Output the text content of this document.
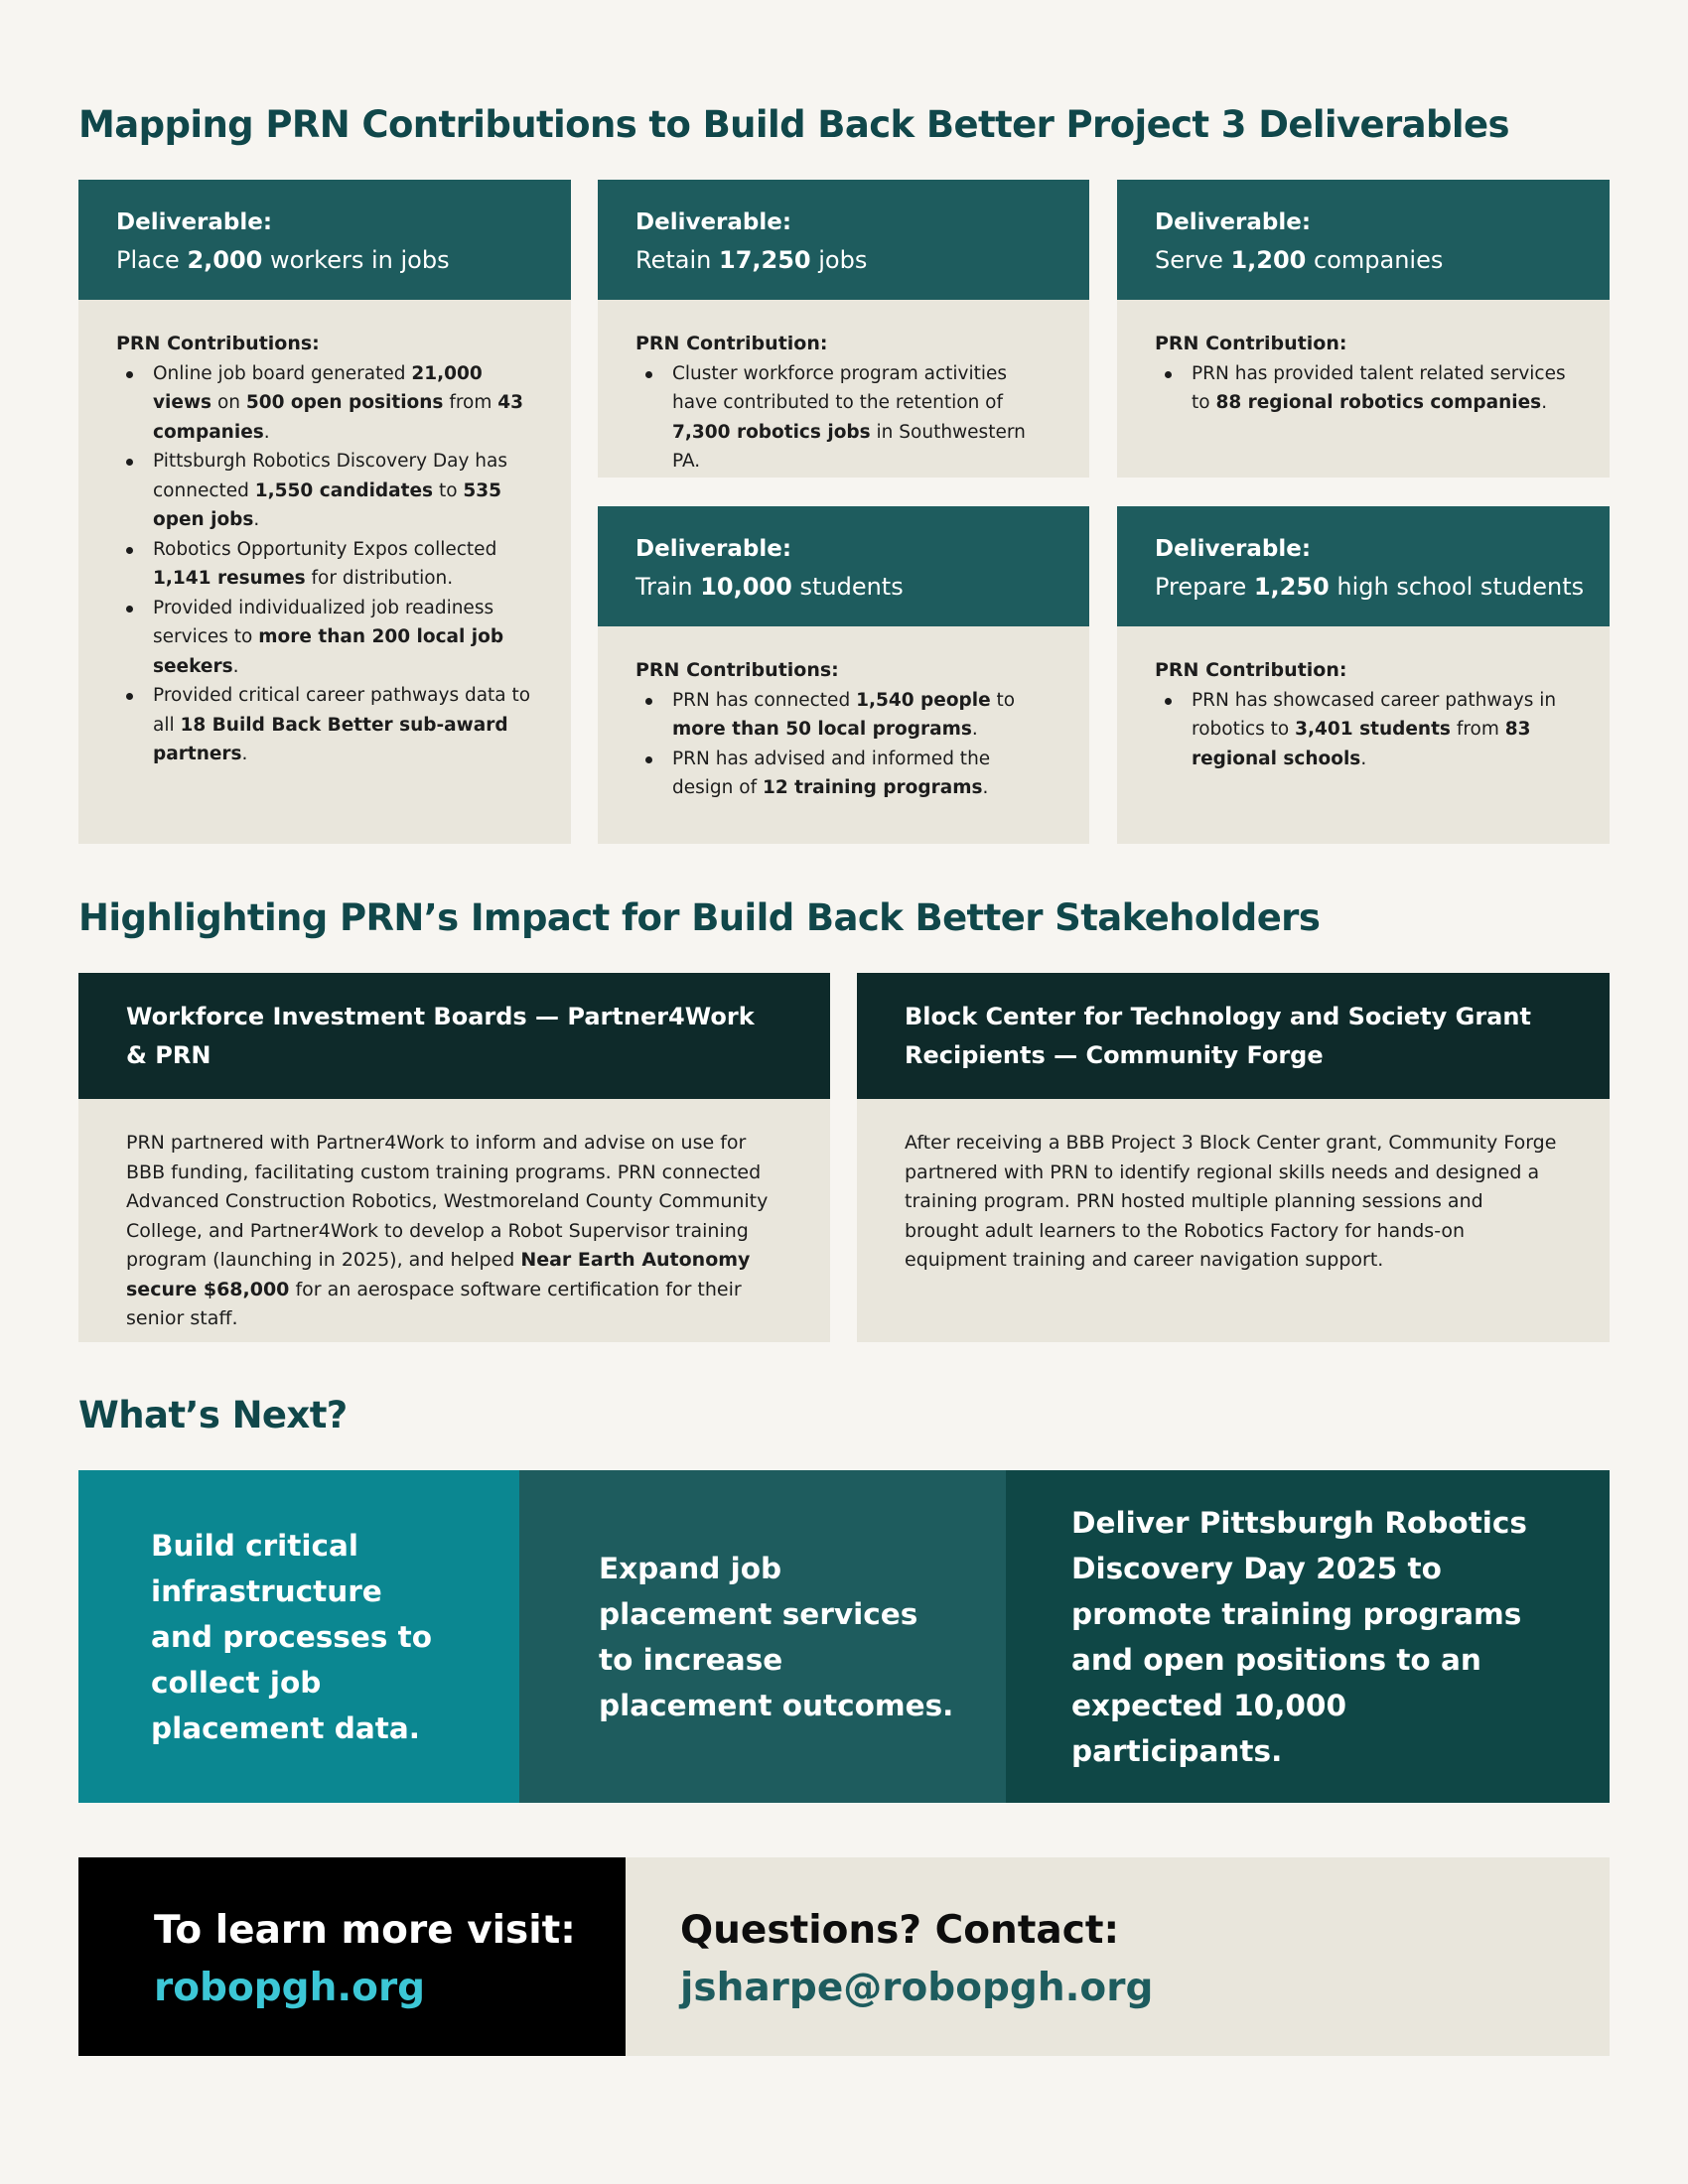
Mapping PRN Contributions to Build Back Better Project 3 Deliverables
Deliverable:
Place 2,000 workers in jobs
PRN Contributions:
Online job board generated 21,000 views on 500 open positions from 43 companies.
Pittsburgh Robotics Discovery Day has connected 1,550 candidates to 535 open jobs.
Robotics Opportunity Expos collected 1,141 resumes for distribution.
Provided individualized job readiness services to more than 200 local job seekers.
Provided critical career pathways data to all 18 Build Back Better sub-award partners.
Deliverable:
Retain 17,250 jobs
PRN Contribution:
Cluster workforce program activities have contributed to the retention of 7,300 robotics jobs in Southwestern PA.
Deliverable:
Serve 1,200 companies
PRN Contribution:
PRN has provided talent related services to 88 regional robotics companies.
Deliverable:
Train 10,000 students
PRN Contributions:
PRN has connected 1,540 people to more than 50 local programs.
PRN has advised and informed the design of 12 training programs.
Deliverable:
Prepare 1,250 high school students
PRN Contribution:
PRN has showcased career pathways in robotics to 3,401 students from 83 regional schools.
Highlighting PRN’s Impact for Build Back Better Stakeholders
Workforce Investment Boards — Partner4Work & PRN
PRN partnered with Partner4Work to inform and advise on use for BBB funding, facilitating custom training programs. PRN connected Advanced Construction Robotics, Westmoreland County Community College, and Partner4Work to develop a Robot Supervisor training program (launching in 2025), and helped Near Earth Autonomy secure $68,000 for an aerospace software certification for their senior staff.
Block Center for Technology and Society Grant Recipients — Community Forge
After receiving a BBB Project 3 Block Center grant, Community Forge partnered with PRN to identify regional skills needs and designed a training program. PRN hosted multiple planning sessions and brought adult learners to the Robotics Factory for hands-on equipment training and career navigation support.
What’s Next?
Build critical infrastructure and processes to collect job placement data.
Expand job placement services to increase placement outcomes.
Deliver Pittsburgh Robotics Discovery Day 2025 to promote training programs and open positions to an expected 10,000 participants.
To learn more visit:
robopgh.org
Questions? Contact:
jsharpe@robopgh.org
